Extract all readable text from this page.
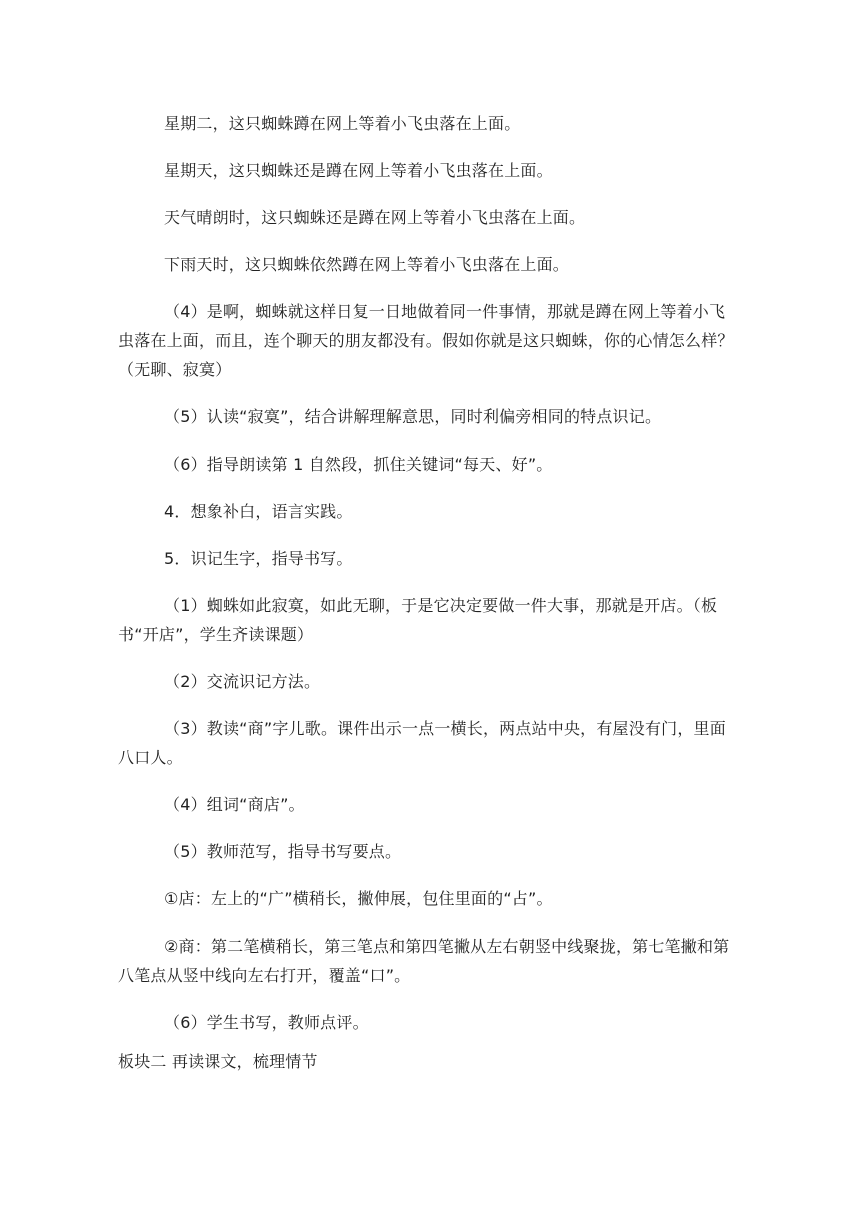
星期二，这只蜘蛛蹲在网上等着小飞虫落在上面。
星期天，这只蜘蛛还是蹲在网上等着小飞虫落在上面。
天气晴朗时，这只蜘蛛还是蹲在网上等着小飞虫落在上面。
下雨天时，这只蜘蛛依然蹲在网上等着小飞虫落在上面。
（4）是啊，蜘蛛就这样日复一日地做着同一件事情，那就是蹲在网上等着小飞虫落在上面，而且，连个聊天的朋友都没有。假如你就是这只蜘蛛，你的心情怎么样？（无聊、寂寞）
（5）认读“寂寞”，结合讲解理解意思，同时利偏旁相同的特点识记。
（6）指导朗读第 1 自然段，抓住关键词“每天、好”。
4．想象补白，语言实践。
5．识记生字，指导书写。
（1）蜘蛛如此寂寞，如此无聊，于是它决定要做一件大事，那就是开店。（板书“开店”，学生齐读课题）
（2）交流识记方法。
（3）教读“商”字儿歌。课件出示一点一横长，两点站中央，有屋没有门，里面八口人。
（4）组词“商店”。
（5）教师范写，指导书写要点。
①店：左上的“广”横稍长，撇伸展，包住里面的“占”。
②商：第二笔横稍长，第三笔点和第四笔撇从左右朝竖中线聚拢，第七笔撇和第八笔点从竖中线向左右打开，覆盖“口”。
（6）学生书写，教师点评。
板块二 再读课文，梳理情节
